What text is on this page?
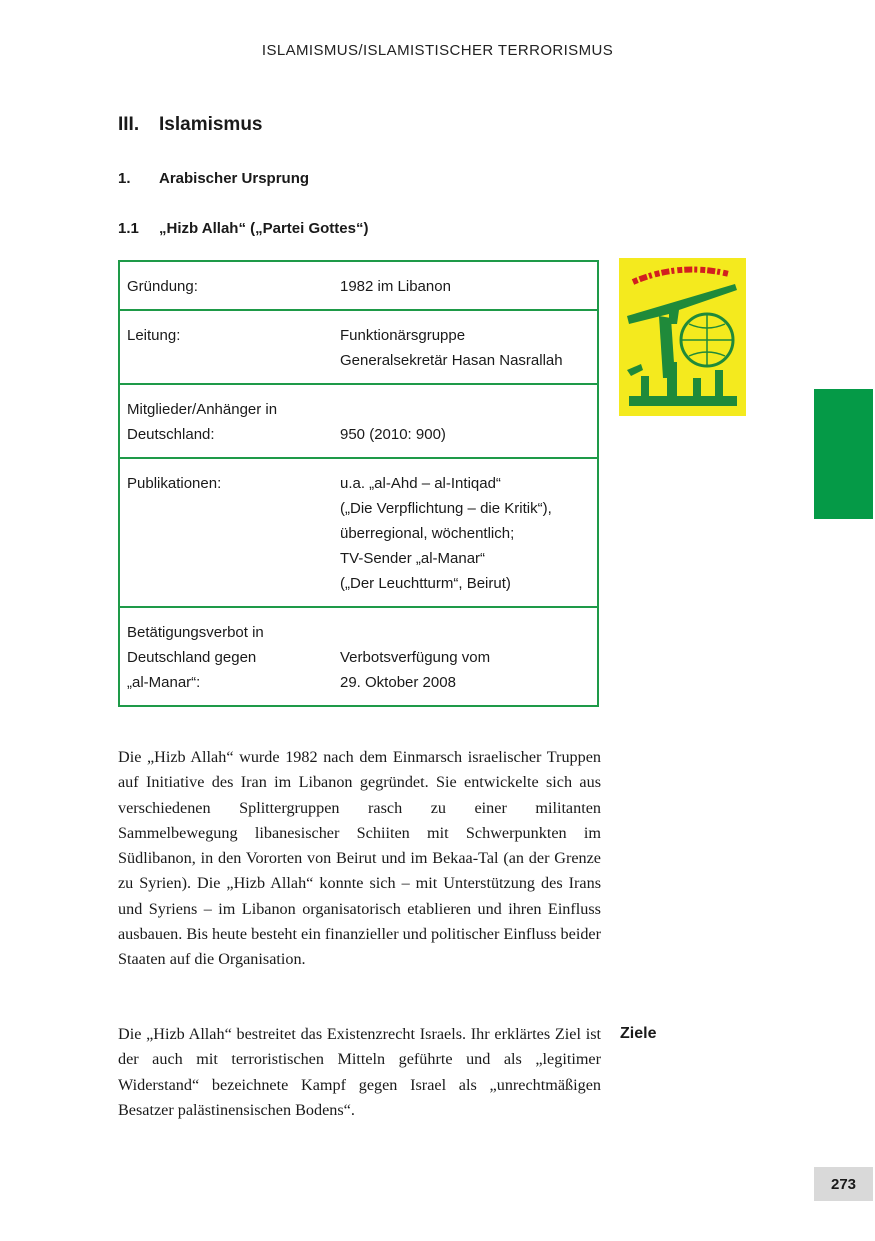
ISLAMISMUS/ISLAMISTISCHER TERRORISMUS
III. Islamismus
1. Arabischer Ursprung
1.1 „Hizb Allah“ („Partei Gottes“)
Gründung:	1982 im Libanon
Leitung:	Funktionärsgruppe
Generalsekretär Hasan Nasrallah
Mitglieder/Anhänger in
Deutschland:	950 (2010: 900)
Publikationen:	u.a. „al-Ahd – al-Intiqad“
(„Die Verpflichtung – die Kritik“),
überregional, wöchentlich;
TV-Sender „al-Manar“
(„Der Leuchtturm“, Beirut)
Betätigungsverbot in
Deutschland gegen
„al-Manar“:
Verbotsverfügung vom
29. Oktober 2008
Die „Hizb Allah“ wurde 1982 nach dem Einmarsch israelischer Truppen auf Initiative des Iran im Libanon gegründet. Sie entwickelte sich aus verschiedenen Splittergruppen rasch zu einer militanten Sammelbewegung libanesischer Schiiten mit Schwerpunkten im Südlibanon, in den Vororten von Beirut und im Bekaa-Tal (an der Grenze zu Syrien). Die „Hizb Allah“ konnte sich – mit Unterstützung des Irans und Syriens – im Libanon organisatorisch etablieren und ihren Einfluss ausbauen. Bis heute besteht ein finanzieller und politischer Einfluss beider Staaten auf die Organisation.
Die „Hizb Allah“ bestreitet das Existenzrecht Israels. Ihr erklärtes Ziel ist der auch mit terroristischen Mitteln geführte und als „legitimer Widerstand“ bezeichnete Kampf gegen Israel als „unrechtmäßigen Besatzer palästinensischen Bodens“.
Ziele
273
